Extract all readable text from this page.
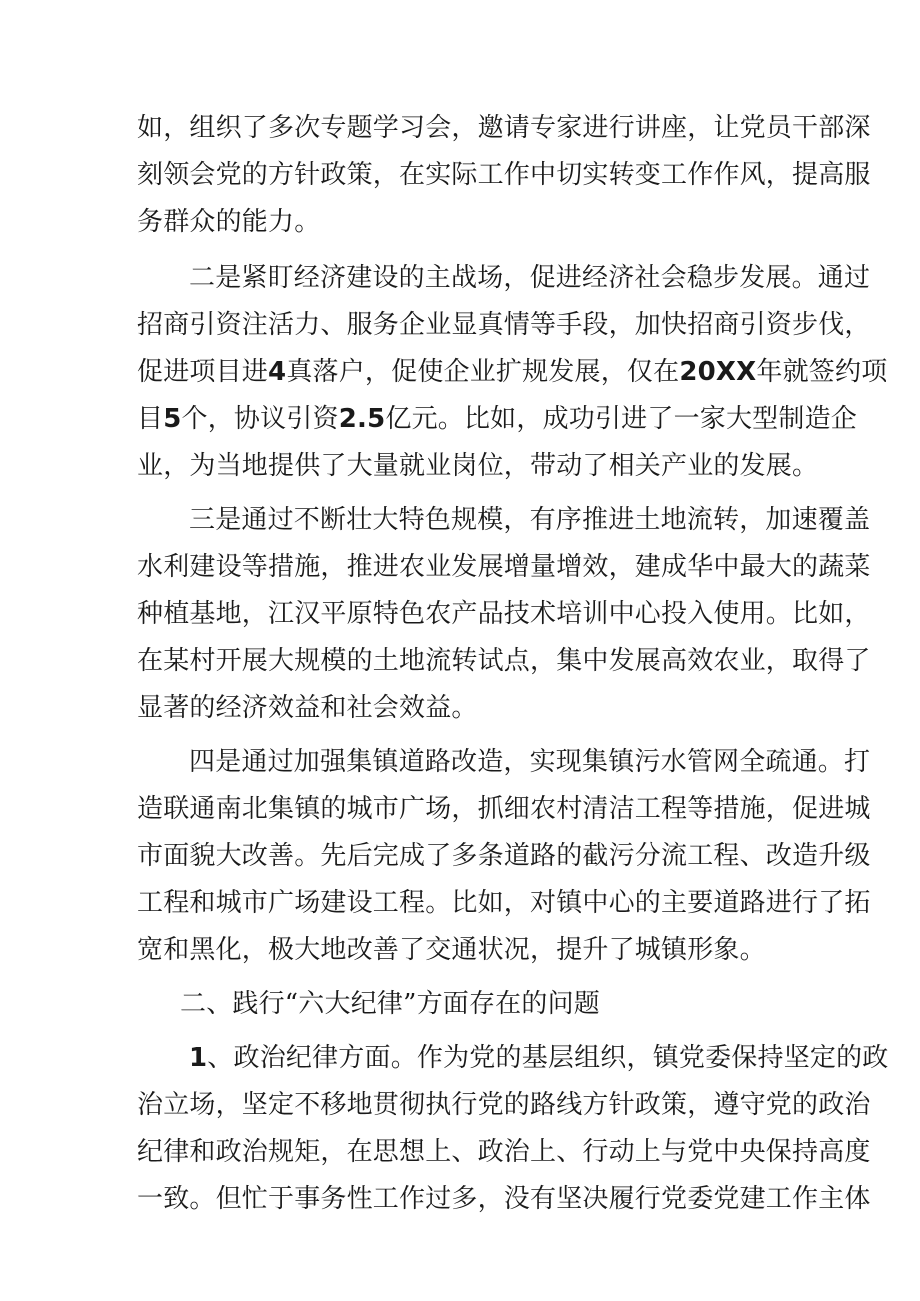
如，组织了多次专题学习会，邀请专家进行讲座，让党员干部深
刻领会党的方针政策，在实际工作中切实转变工作作风，提高服
务群众的能力。
二是紧盯经济建设的主战场，促进经济社会稳步发展。通过
招商引资注活力、服务企业显真情等手段，加快招商引资步伐，
促进项目进4真落户，促使企业扩规发展，仅在20XX年就签约项
目5个，协议引资2.5亿元。比如，成功引进了一家大型制造企
业，为当地提供了大量就业岗位，带动了相关产业的发展。
三是通过不断壮大特色规模，有序推进土地流转，加速覆盖
水利建设等措施，推进农业发展增量增效，建成华中最大的蔬菜
种植基地，江汉平原特色农产品技术培训中心投入使用。比如，
在某村开展大规模的土地流转试点，集中发展高效农业，取得了
显著的经济效益和社会效益。
四是通过加强集镇道路改造，实现集镇污水管网全疏通。打
造联通南北集镇的城市广场，抓细农村清洁工程等措施，促进城
市面貌大改善。先后完成了多条道路的截污分流工程、改造升级
工程和城市广场建设工程。比如，对镇中心的主要道路进行了拓
宽和黑化，极大地改善了交通状况，提升了城镇形象。
二、践行“六大纪律”方面存在的问题
1、政治纪律方面。作为党的基层组织，镇党委保持坚定的政
治立场，坚定不移地贯彻执行党的路线方针政策，遵守党的政治
纪律和政治规矩，在思想上、政治上、行动上与党中央保持高度
一致。但忙于事务性工作过多，没有坚决履行党委党建工作主体
